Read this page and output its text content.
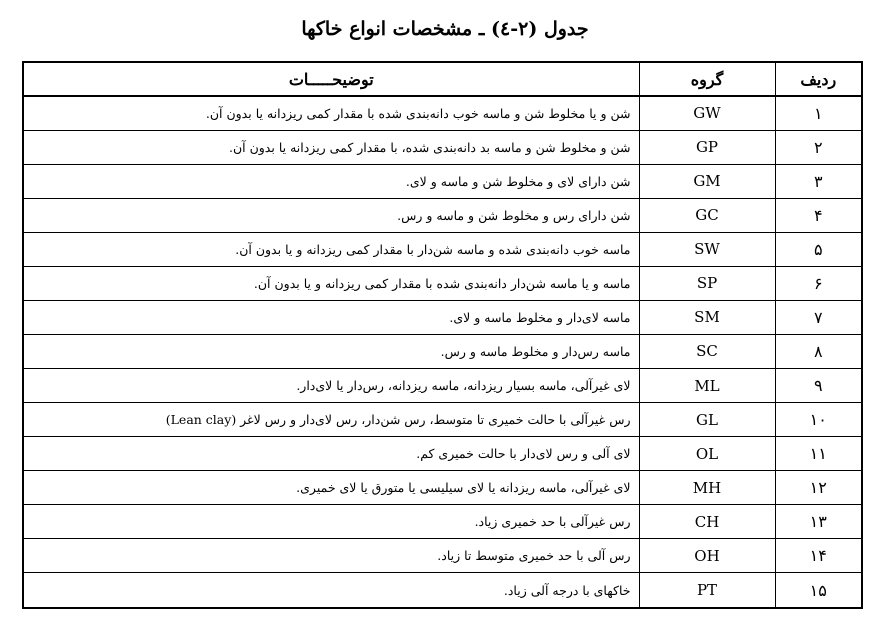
جدول (۲-٤) ـ مشخصات انواع خاکها
ردیف	گروه	توضیحـــــات
۱	GW	شن و یا مخلوط شن و ماسه خوب دانه‌بندی شده با مقدار کمی ریزدانه یا بدون آن.
۲	GP	شن و مخلوط شن و ماسه بد دانه‌بندی شده، با مقدار کمی ریزدانه یا بدون آن.
۳	GM	شن دارای لای و مخلوط شن و ماسه و لای.
۴	GC	شن دارای رس و مخلوط شن و ماسه و رس.
۵	SW	ماسه خوب دانه‌بندی شده و ماسه شن‌دار با مقدار کمی ریزدانه و یا بدون آن.
۶	SP	ماسه و یا ماسه شن‌دار دانه‌بندی شده با مقدار کمی ریزدانه و یا بدون آن.
۷	SM	ماسه لای‌دار و مخلوط ماسه و لای.
۸	SC	ماسه رس‌دار و مخلوط ماسه و رس.
۹	ML	لای غیرآلی، ماسه بسیار ریزدانه، ماسه ریزدانه، رس‌دار یا لای‌دار.
۱۰	GL	رس غیرآلی با حالت خمیری تا متوسط، رس شن‌دار، رس لای‌دار و رس لاغر (Lean clay)
۱۱	OL	لای آلی و رس لای‌دار با حالت خمیری کم.
۱۲	MH	لای غیرآلی، ماسه ریزدانه یا لای سیلیسی یا متورق یا لای خمیری.
۱۳	CH	رس غیرآلی با حد خمیری زیاد.
۱۴	OH	رس آلی با حد خمیری متوسط تا زیاد.
۱۵	PT	خاکهای با درجه آلی زیاد.
